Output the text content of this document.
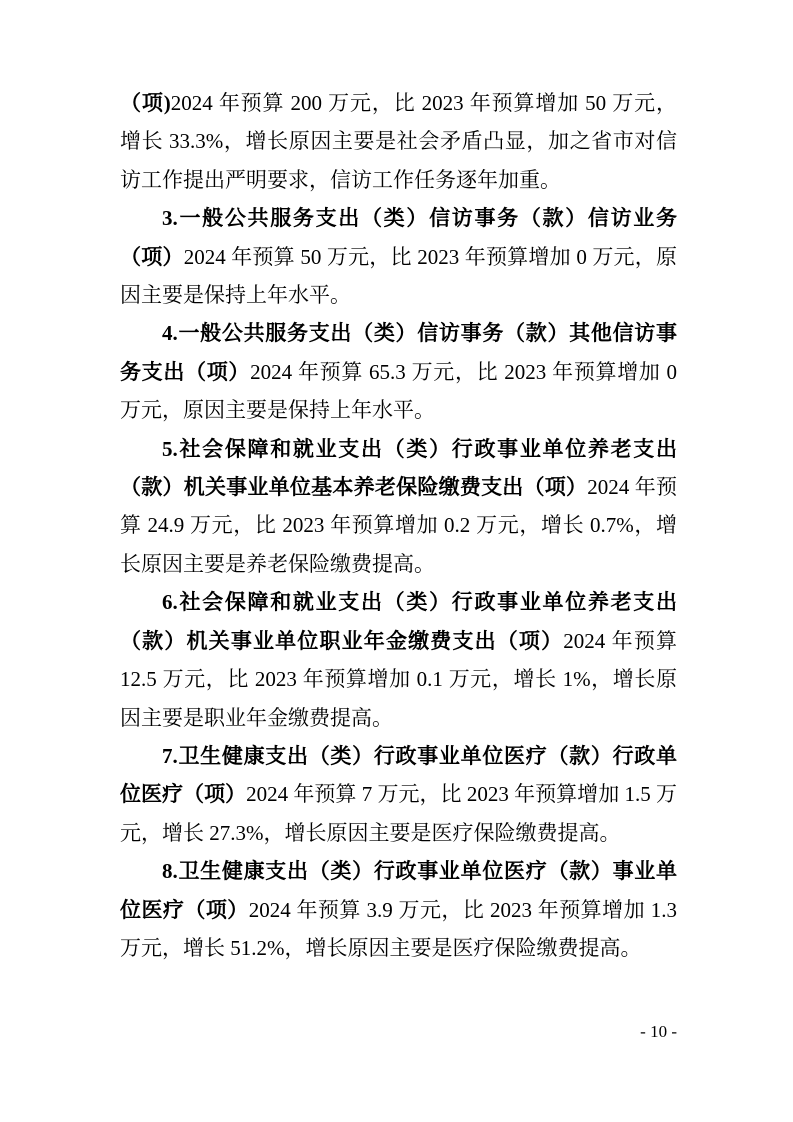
（项)2024 年预算 200 万元，比 2023 年预算增加 50 万元，增长 33.3%，增长原因主要是社会矛盾凸显，加之省市对信访工作提出严明要求，信访工作任务逐年加重。

3.一般公共服务支出（类）信访事务（款）信访业务（项）2024 年预算 50 万元，比 2023 年预算增加 0 万元，原因主要是保持上年水平。

4.一般公共服务支出（类）信访事务（款）其他信访事务支出（项）2024 年预算 65.3 万元，比 2023 年预算增加 0 万元，原因主要是保持上年水平。

5.社会保障和就业支出（类）行政事业单位养老支出（款）机关事业单位基本养老保险缴费支出（项）2024 年预算 24.9 万元，比 2023 年预算增加 0.2 万元，增长 0.7%，增长原因主要是养老保险缴费提高。

6.社会保障和就业支出（类）行政事业单位养老支出（款）机关事业单位职业年金缴费支出（项）2024 年预算 12.5 万元，比 2023 年预算增加 0.1 万元，增长 1%，增长原因主要是职业年金缴费提高。

7.卫生健康支出（类）行政事业单位医疗（款）行政单位医疗（项）2024 年预算 7 万元，比 2023 年预算增加 1.5 万元，增长 27.3%，增长原因主要是医疗保险缴费提高。

8.卫生健康支出（类）行政事业单位医疗（款）事业单位医疗（项）2024 年预算 3.9 万元，比 2023 年预算增加 1.3 万元，增长 51.2%，增长原因主要是医疗保险缴费提高。

- 10 -
